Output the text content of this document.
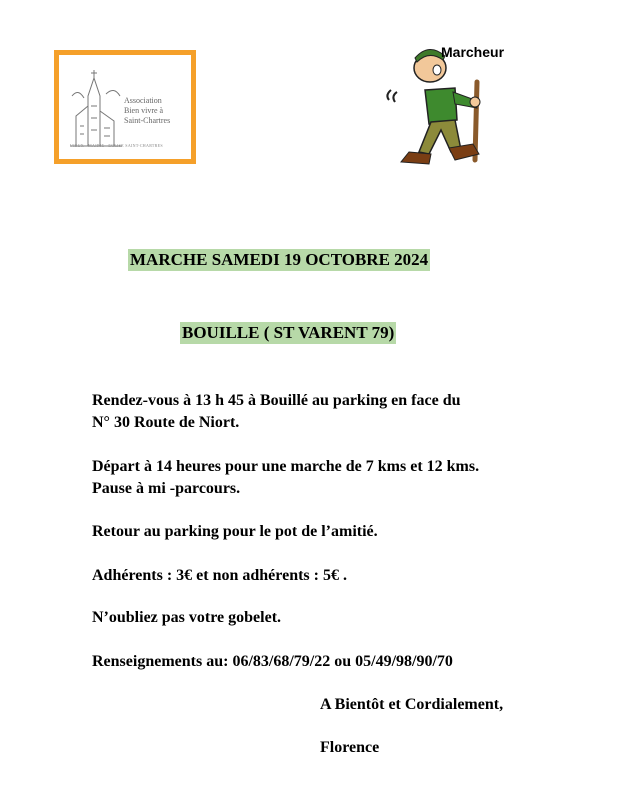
Association
Bien vivre à
Saint-Chartres
VIEUX · MAIRIE · EGLISE SAINT-CHARTRES
Marcheur
MARCHE SAMEDI 19 OCTOBRE 2024
BOUILLE ( ST VARENT 79)
Rendez-vous à 13 h 45 à Bouillé au parking en face du
N° 30 Route de Niort.
Départ à 14 heures pour une marche de 7 kms et 12 kms.
Pause à mi -parcours.
Retour au parking pour le pot de l’amitié.
Adhérents : 3€ et non adhérents : 5€ .
N’oubliez pas votre gobelet.
Renseignements au: 06/83/68/79/22 ou 05/49/98/90/70
A Bientôt et Cordialement,
Florence
